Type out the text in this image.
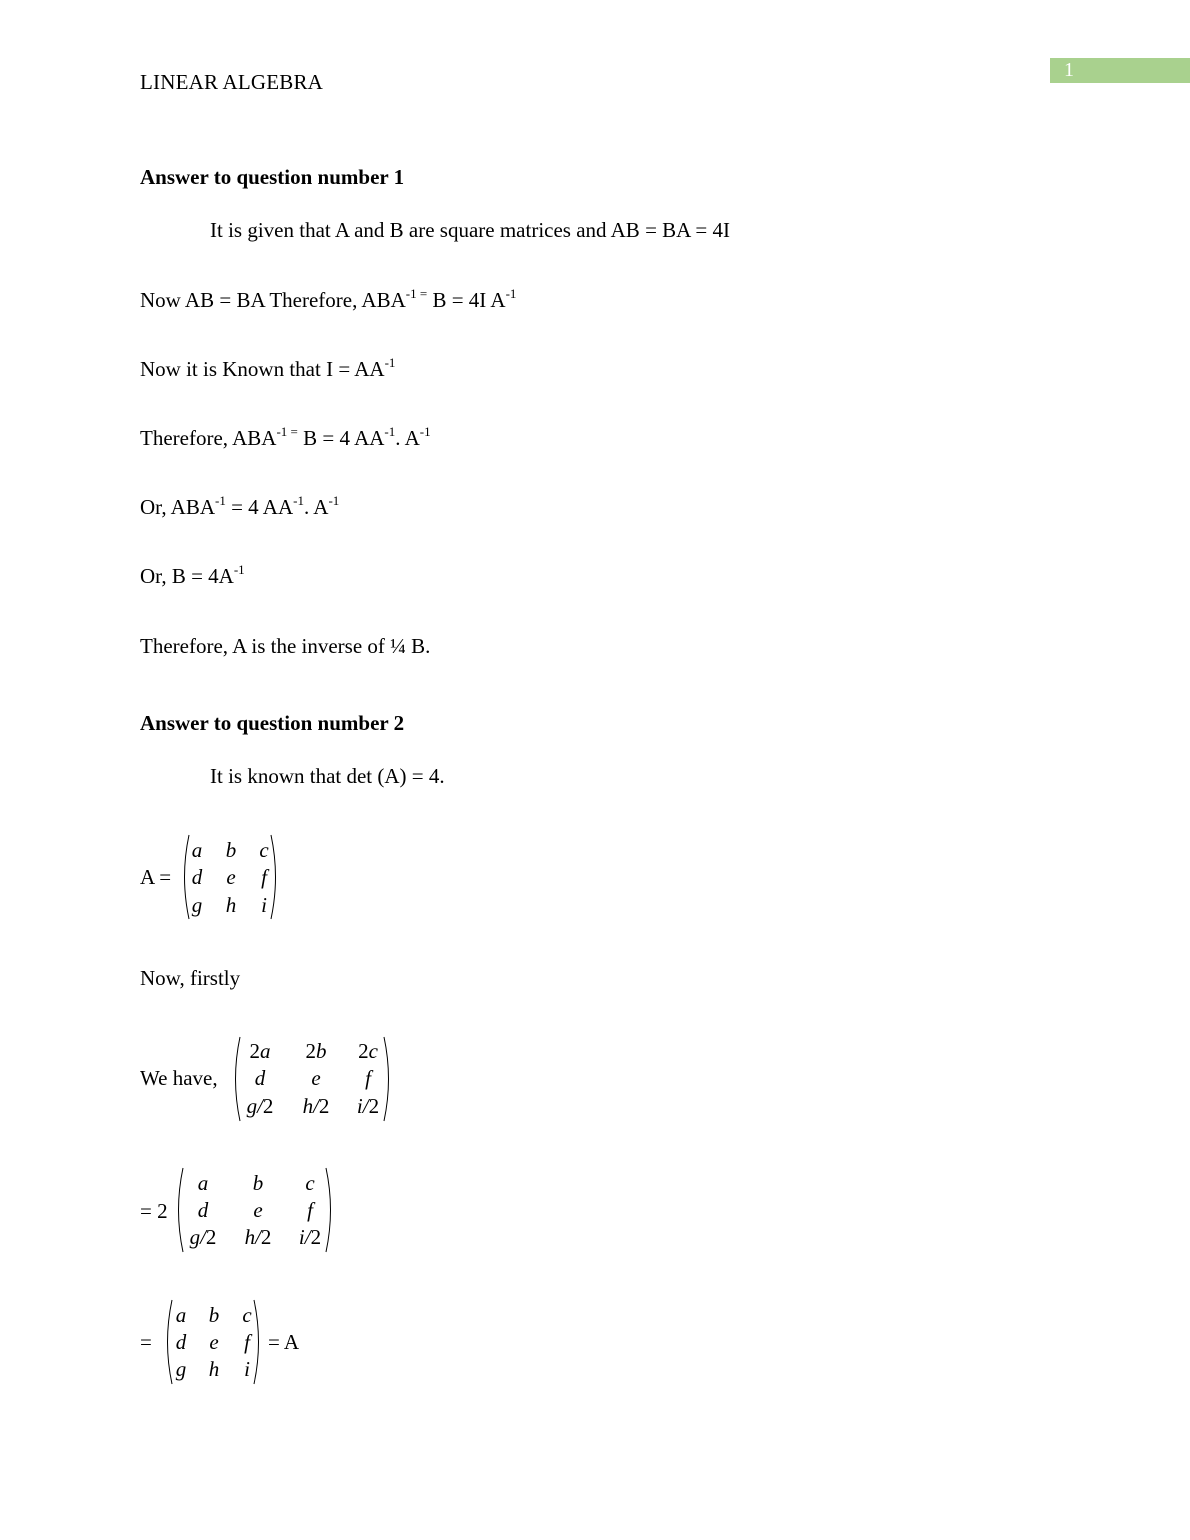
LINEAR ALGEBRA	1
Answer to question number 1
It is given that A and B are square matrices and AB = BA = 4I
Now AB = BA Therefore, $ABA^{-1 =}$ B = 4I $A^{-1}$
Now it is Known that $I = AA^{-1}$
Therefore, $ABA^{-1 =}$ B = 4 $AA^{-1}$. $A^{-1}$
Or, $ABA^{-1} = 4$ $AA^{-1}$. $A^{-1}$
Or, $B = 4A^{-1}$
Therefore, A is the inverse of ¼ B.
Answer to question number 2
It is known that det (A) = 4.
A =
a	b	c
d	e	f
g	h	i
Now, firstly
We have,
2a	2b	2c
d	e	f
g/2	h/2	i/2
= 2
a	b	c
d	e	f
g/2	h/2	i/2
=
a	b	c
d	e	f
g	h	i
= A
